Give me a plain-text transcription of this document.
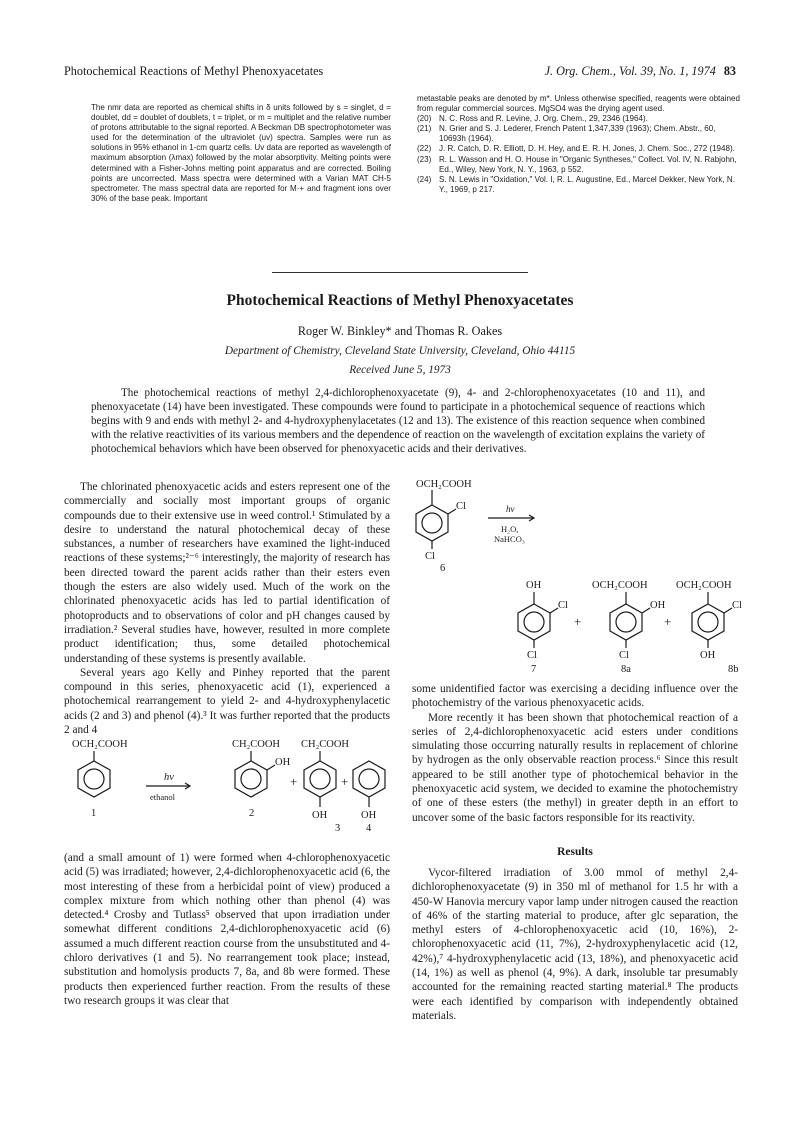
Photochemical Reactions of Methyl Phenoxyacetates	J. Org. Chem., Vol. 39, No. 1, 1974 83
The nmr data are reported as chemical shifts in δ units followed by s = singlet, d = doublet, dd = doublet of doublets, t = triplet, or m = multiplet and the relative number of protons attributable to the signal reported. A Beckman DB spectrophotometer was used for the determination of the ultraviolet (uv) spectra. Samples were run as solutions in 95% ethanol in 1-cm quartz cells. Uv data are reported as wavelength of maximum absorption (λmax) followed by the molar absorptivity. Melting points were determined with a Fisher-Johns melting point apparatus and are corrected. Boiling points are uncorrected. Mass spectra were determined with a Varian MAT CH-5 spectrometer. The mass spectral data are reported for M·+ and fragment ions over 30% of the base peak. Important
metastable peaks are denoted by m*. Unless otherwise specified, reagents were obtained from regular commercial sources. MgSO4 was the drying agent used.
(20) N. C. Ross and R. Levine, J. Org. Chem., 29, 2346 (1964).
(21) N. Grier and S. J. Lederer, French Patent 1,347,339 (1963); Chem. Abstr., 60, 10693h (1964).
(22) J. R. Catch, D. R. Elliott, D. H. Hey, and E. R. H. Jones, J. Chem. Soc., 272 (1948).
(23) R. L. Wasson and H. O. House in "Organic Syntheses," Collect. Vol. IV, N. Rabjohn, Ed., Wiley, New York, N. Y., 1963, p 552.
(24) S. N. Lewis in "Oxidation," Vol. I, R. L. Augustine, Ed., Marcel Dekker, New York, N. Y., 1969, p 217.
Photochemical Reactions of Methyl Phenoxyacetates
Roger W. Binkley* and Thomas R. Oakes
Department of Chemistry, Cleveland State University, Cleveland, Ohio 44115
Received June 5, 1973
The photochemical reactions of methyl 2,4-dichlorophenoxyacetate (9), 4- and 2-chlorophenoxyacetates (10 and 11), and phenoxyacetate (14) have been investigated. These compounds were found to participate in a photochemical sequence of reactions which begins with 9 and ends with methyl 2- and 4-hydroxyphenylacetates (12 and 13). The existence of this reaction sequence when combined with the relative reactivities of its various members and the dependence of reaction on the wavelength of excitation explains the variety of photochemical behaviors which have been observed for phenoxyacetic acids and their derivatives.

The chlorinated phenoxyacetic acids and esters represent one of the commercially and socially most important groups of organic compounds due to their extensive use in weed control.¹ Stimulated by a desire to understand the natural photochemical decay of these substances, a number of researchers have examined the light-induced reactions of these systems;²⁻⁶ interestingly, the majority of research has been directed toward the parent acids rather than their esters even though the esters are also widely used. Much of the work on the chlorinated phenoxyacetic acids has led to partial identification of photoproducts and to observations of color and pH changes caused by irradiation.² Several studies have, however, resulted in more complete product identification; thus, some detailed photochemical understanding of these systems is presently available.

Several years ago Kelly and Pinhey reported that the parent compound in this series, phenoxyacetic acid (1), experienced a photochemical rearrangement to yield 2- and 4-hydroxyphenylacetic acids (2 and 3) and phenol (4).³ It was further reported that the products 2 and 4

OCH₂COOH
1
hν
ethanol
CH₂COOH
OH
2
+
CH₂COOH
OH
3
+
OH
4

(and a small amount of 1) were formed when 4-chlorophenoxyacetic acid (5) was irradiated; however, 2,4-dichlorophenoxyacetic acid (6, the most interesting of these from a herbicidal point of view) produced a complex mixture from which nothing other than phenol (4) was detected.⁴ Crosby and Tutlass⁵ observed that upon irradiation under somewhat different conditions 2,4-dichlorophenoxyacetic acid (6) assumed a much different reaction course from the unsubstituted and 4-chloro derivatives (1 and 5). No rearrangement took place; instead, substitution and homolysis products 7, 8a, and 8b were formed. These products then experienced further reaction. From the results of these two research groups it was clear that

OCH₂COOH
Cl
Cl
6
hν
H₂O,
NaHCO₃
OH
Cl
Cl
7
+
OCH₂COOH
OH
Cl
8a
+
OCH₂COOH
Cl
OH
8b

some unidentified factor was exercising a deciding influence over the photochemistry of the various phenoxyacetic acids.

More recently it has been shown that photochemical reaction of a series of 2,4-dichlorophenoxyacetic acid esters under conditions simulating those occurring naturally results in replacement of chlorine by hydrogen as the only observable reaction process.⁶ Since this result appeared to be still another type of photochemical behavior in the phenoxyacetic acid system, we decided to examine the photochemistry of one of these esters (the methyl) in greater depth in an effort to uncover some of the basic factors responsible for its reactivity.

Results

Vycor-filtered irradiation of 3.00 mmol of methyl 2,4-dichlorophenoxyacetate (9) in 350 ml of methanol for 1.5 hr with a 450-W Hanovia mercury vapor lamp under nitrogen caused the reaction of 46% of the starting material to produce, after glc separation, the methyl esters of 4-chlorophenoxyacetic acid (10, 16%), 2-chlorophenoxyacetic acid (11, 7%), 2-hydroxyphenylacetic acid (12, 42%),⁷ 4-hydroxyphenylacetic acid (13, 18%), and phenoxyacetic acid (14, 1%) as well as phenol (4, 9%). A dark, insoluble tar presumably accounted for the remaining reacted starting material.⁸ The products were each identified by comparison with independently obtained materials.
